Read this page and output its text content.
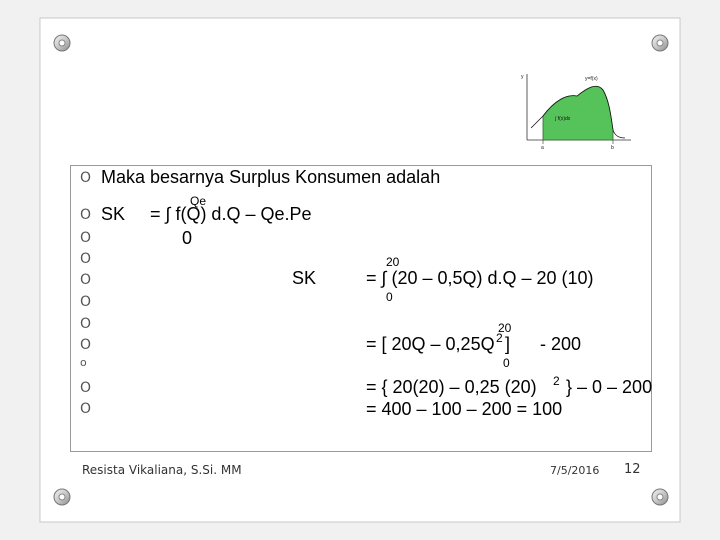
y=f(x)
∫ f(x)dx
y
a	b
O
O
O
O
O
O
O
O
o
O
O
Maka besarnya Surplus Konsumen adalah
SK
Qe
= ∫ f(Q) d.Q – Qe.Pe
0
20
SK	= ∫ (20 – 0,5Q) d.Q – 20 (10)
0
20
= [ 20Q – 0,25Q 2 ] - 200
0
= { 20(20) – 0,25 (20) 2 } – 0 – 200
= 400 – 100 – 200 = 100
Resista Vikaliana, S.Si. MM	7/5/2016 12
